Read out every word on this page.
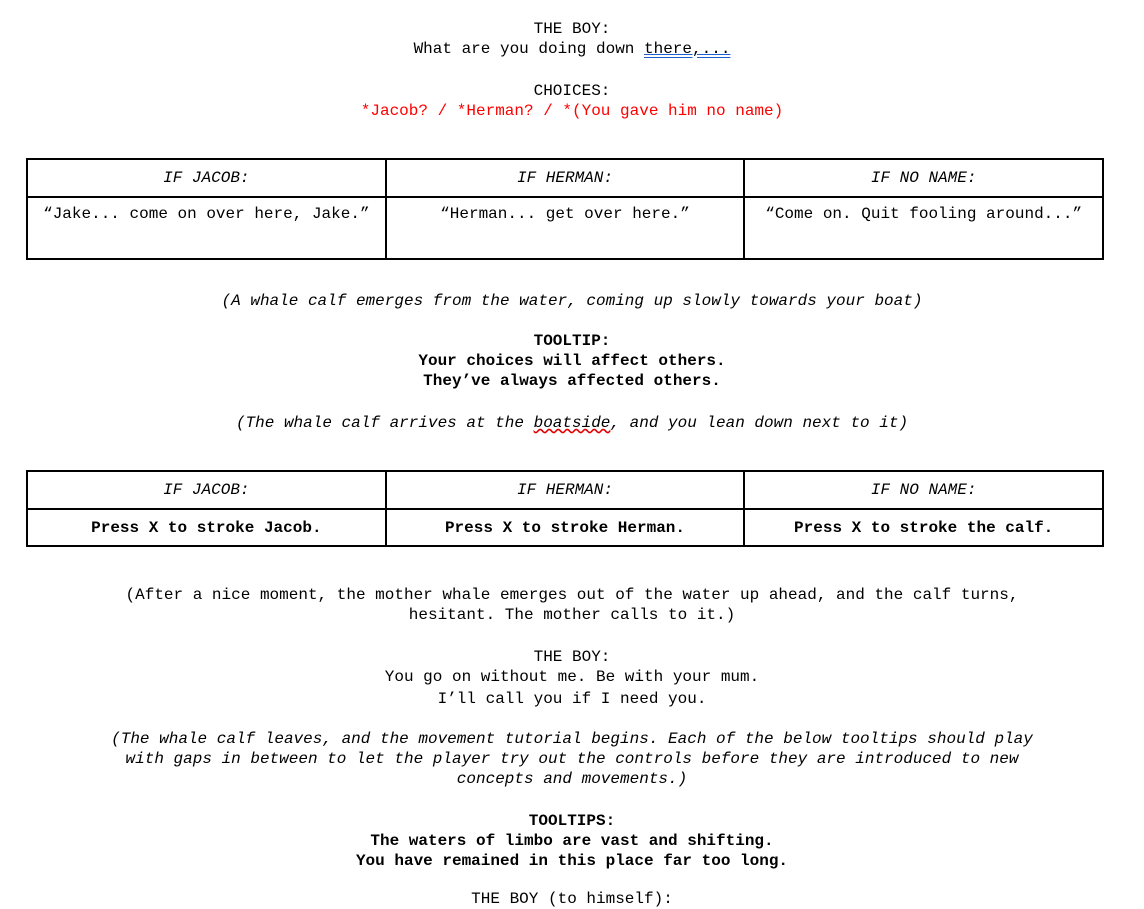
THE BOY:
What are you doing down there,...
CHOICES:
*Jacob? / *Herman? / *(You gave him no name)
IF JACOB:	IF HERMAN:	IF NO NAME:
“Jake... come on over here, Jake.”	“Herman... get over here.”	“Come on. Quit fooling around...”
(A whale calf emerges from the water, coming up slowly towards your boat)
TOOLTIP:
Your choices will affect others.
They’ve always affected others.
(The whale calf arrives at the boatside, and you lean down next to it)
IF JACOB:	IF HERMAN:	IF NO NAME:
Press X to stroke Jacob.	Press X to stroke Herman.	Press X to stroke the calf.
(After a nice moment, the mother whale emerges out of the water up ahead, and the calf turns,
hesitant. The mother calls to it.)
THE BOY:
You go on without me. Be with your mum.
I’ll call you if I need you.
(The whale calf leaves, and the movement tutorial begins. Each of the below tooltips should play
with gaps in between to let the player try out the controls before they are introduced to new
concepts and movements.)
TOOLTIPS:
The waters of limbo are vast and shifting.
You have remained in this place far too long.
THE BOY (to himself):
